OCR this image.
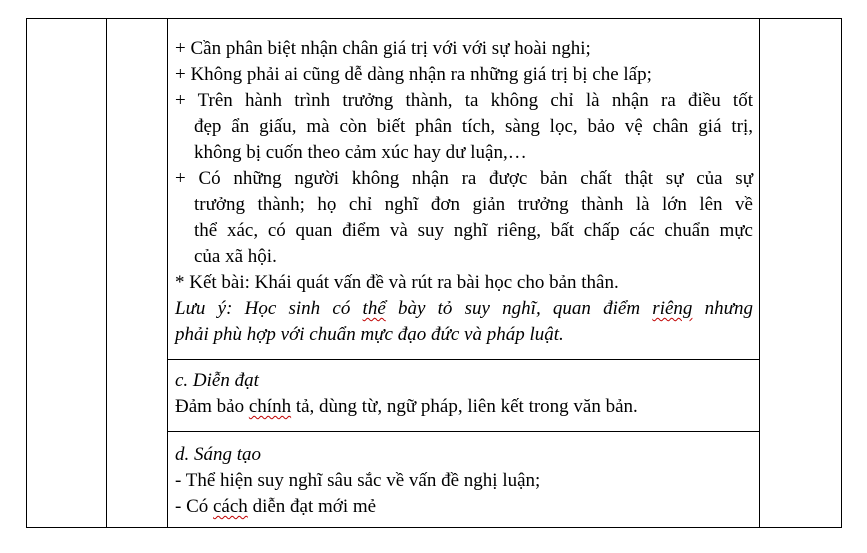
+ Cần phân biệt nhận chân giá trị với với sự hoài nghi;
+ Không phải ai cũng dễ dàng nhận ra những giá trị bị che lấp;
+ Trên hành trình trưởng thành, ta không chỉ là nhận ra điều tốt
đẹp ẩn giấu, mà còn biết phân tích, sàng lọc, bảo vệ chân giá trị,
không bị cuốn theo cảm xúc hay dư luận,…
+ Có những người không nhận ra được bản chất thật sự của sự
trưởng thành; họ chỉ nghĩ đơn giản trưởng thành là lớn lên về
thể xác, có quan điểm và suy nghĩ riêng, bất chấp các chuẩn mực
của xã hội.
* Kết bài: Khái quát vấn đề và rút ra bài học cho bản thân.
Lưu ý: Học sinh có thể bày tỏ suy nghĩ, quan điểm riêng nhưng
phải phù hợp với chuẩn mực đạo đức và pháp luật.
c. Diễn đạt
Đảm bảo chính tả, dùng từ, ngữ pháp, liên kết trong văn bản.
d. Sáng tạo
- Thể hiện suy nghĩ sâu sắc về vấn đề nghị luận;
- Có cách diễn đạt mới mẻ
